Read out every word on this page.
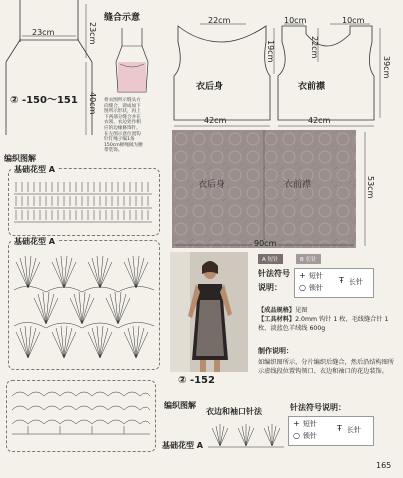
23cm	23cm
40cm
② -150～151
缝合示意
将衣图所示缝头方向缝合，即成如下图所示形状，再上下两部分缝合并在衣领、衣边处作相应的边缘修饰针。在左图示意位置钩针钉绳子编1条150cm棉绳做为腰带装饰。
22cm	10cm	10cm
19cm	22cm
39cm
衣后身	衣前襟
42cm	42cm
衣后身	衣前襟
90cm
53cm
A 短针	B 长针
编织图解
基础花型 A
基础花型 A
② -152
针法符号
说明：
+ 短针
○ 锁针
Ŧ 长针
【成品规格】见图
【工具材料】2.0mm 钩针 1 枚、毛线缝合针 1 枚、淡蓝色羊绒线 600g
制作说明：
如编织图所示，分片编织后缝合，然后沿结构图所示虚线段位置钩领口、衣边和袖口的花边装饰。
基础花型 A
编织图解
衣边和袖口针法	针法符号说明：
+ 短针
○ 锁针
Ŧ 长针
165
